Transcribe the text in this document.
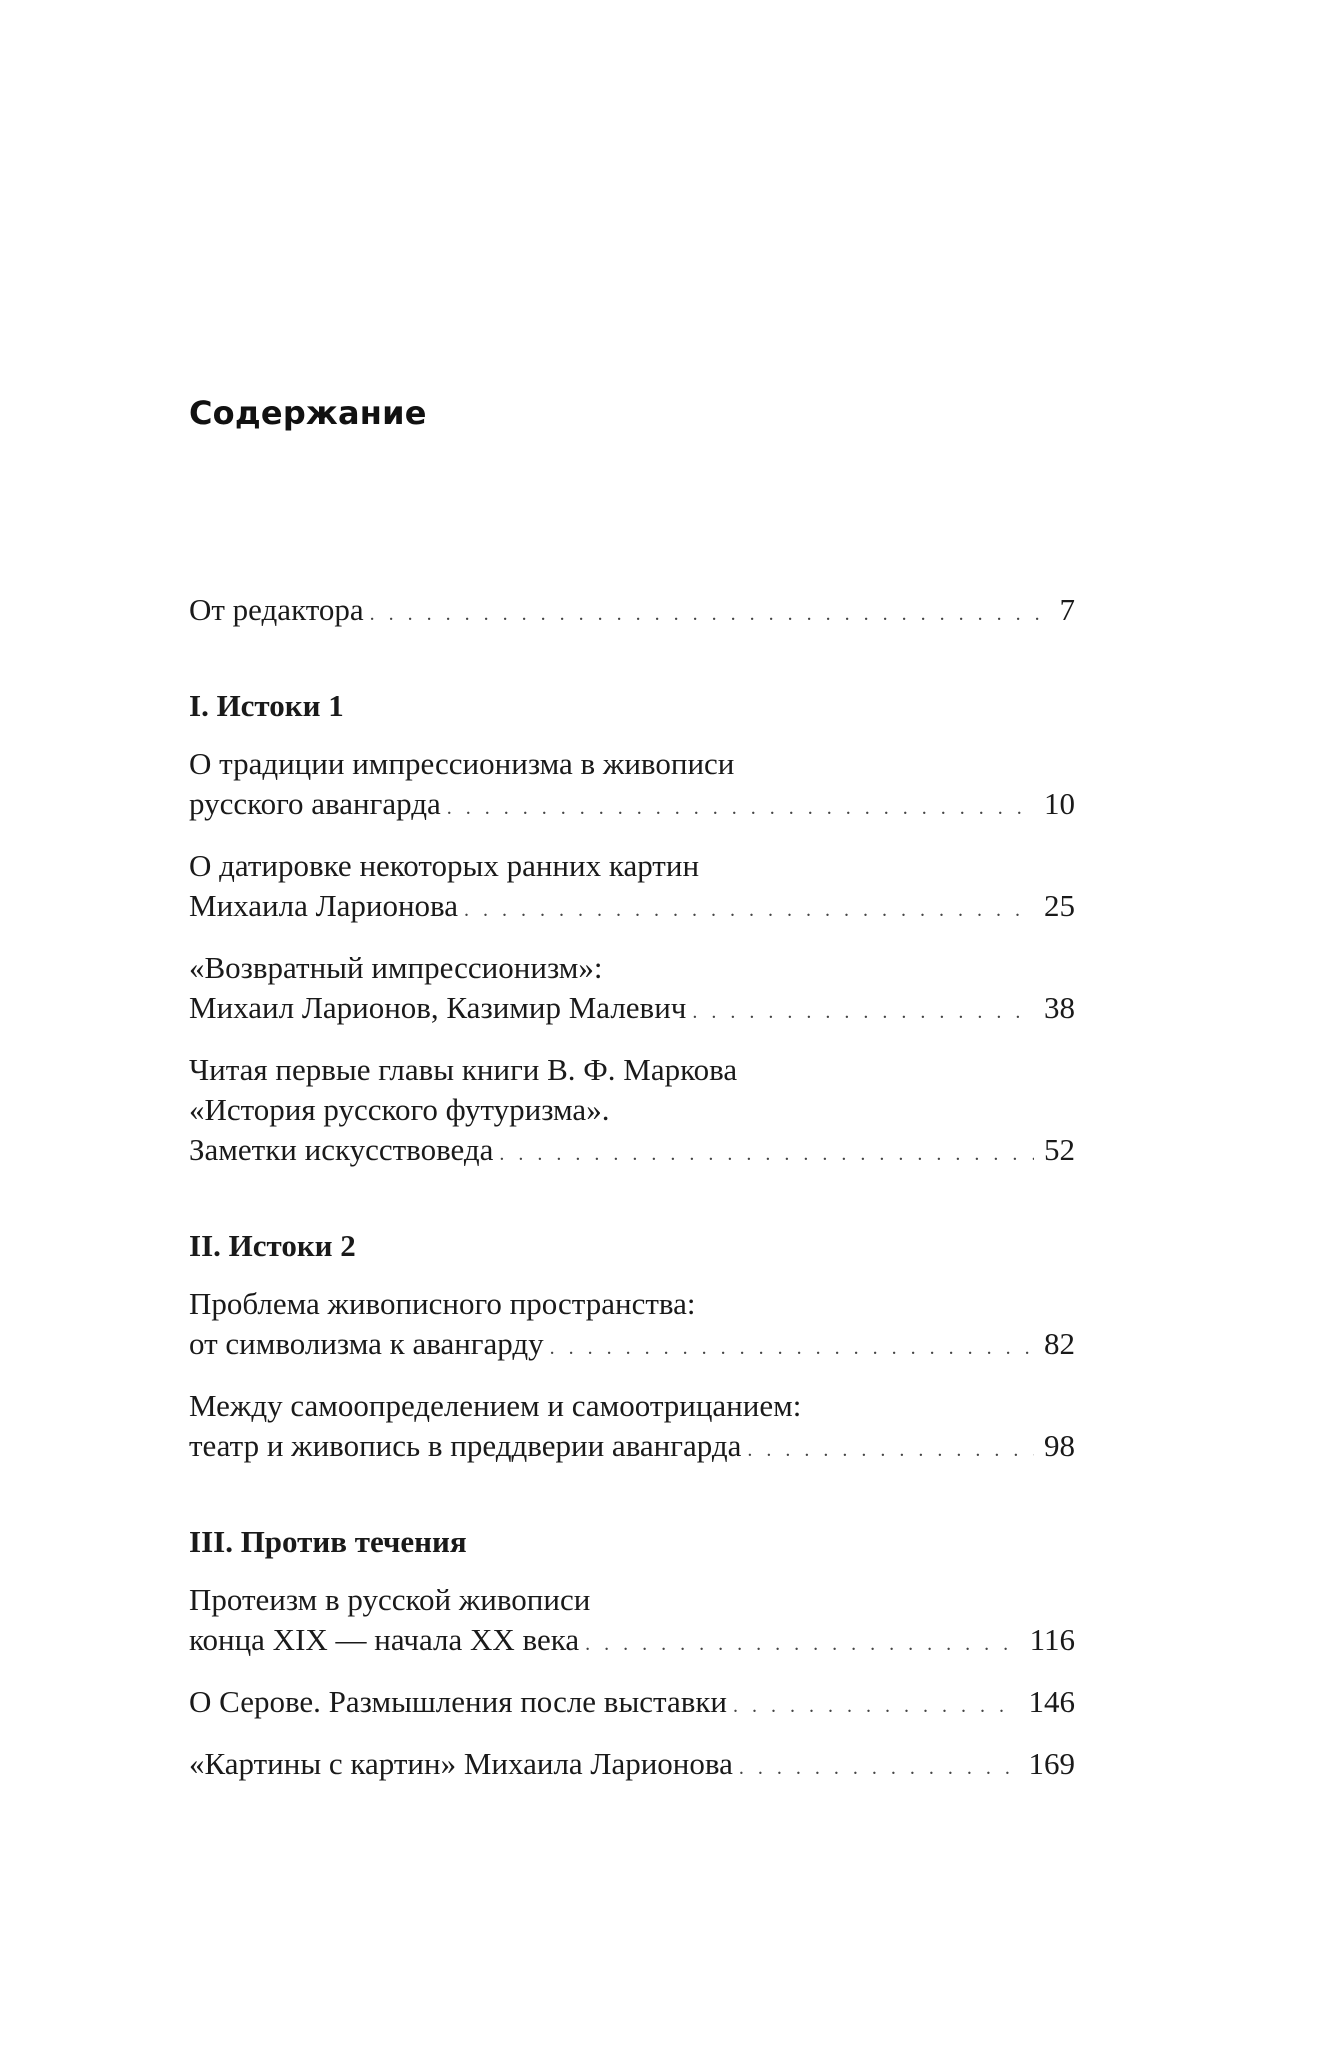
Содержание
От редактора . . .	7
I. Истоки 1
О традиции импрессионизма в живописи
русского авангарда . . .	10
О датировке некоторых ранних картин
Михаила Ларионова . . .	25
«Возвратный импрессионизм»:
Михаил Ларионов, Казимир Малевич . . .	38
Читая первые главы книги В. Ф. Маркова
«История русского футуризма».
Заметки искусствоведа . . .	52
II. Истоки 2
Проблема живописного пространства:
от символизма к авангарду . . .	82
Между самоопределением и самоотрицанием:
театр и живопись в преддверии авангарда . . .	98
III. Против течения
Протеизм в русской живописи
конца XIX — начала XX века . . .	116
О Серове. Размышления после выставки . . .	146
«Картины с картин» Михаила Ларионова . . .	169
